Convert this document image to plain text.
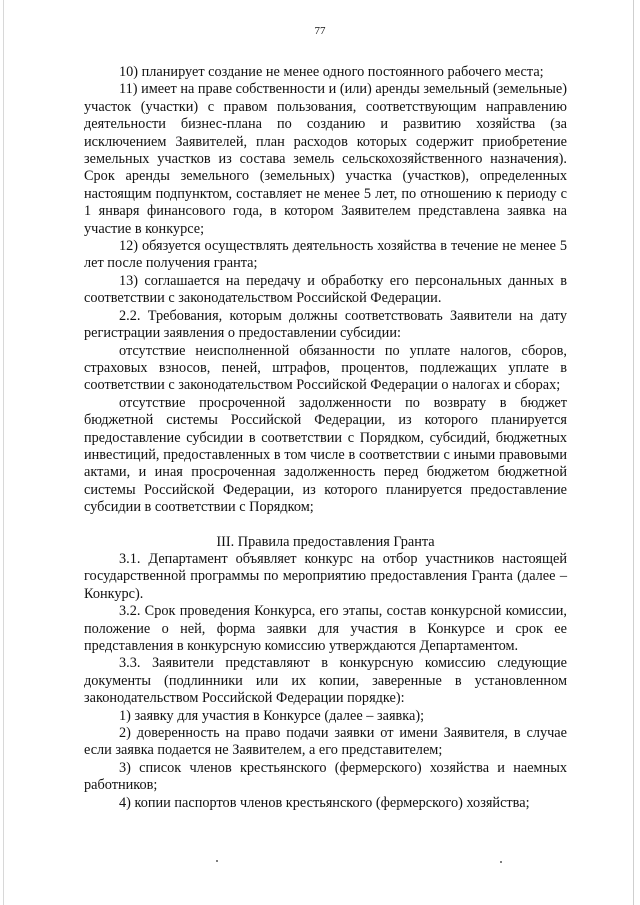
77

10) планирует создание не менее одного постоянного рабочего места;

11) имеет на праве собственности и (или) аренды земельный (земельные) участок (участки) с правом пользования, соответствующим направлению деятельности бизнес-плана по созданию и развитию хозяйства (за исключением Заявителей, план расходов которых содержит приобретение земельных участков из состава земель сельскохозяйственного назначения). Срок аренды земельного (земельных) участка (участков), определенных настоящим подпунктом, составляет не менее 5 лет, по отношению к периоду с 1 января финансового года, в котором Заявителем представлена заявка на участие в конкурсе;

12) обязуется осуществлять деятельность хозяйства в течение не менее 5 лет после получения гранта;

13) соглашается на передачу и обработку его персональных данных в соответствии с законодательством Российской Федерации.

2.2. Требования, которым должны соответствовать Заявители на дату регистрации заявления о предоставлении субсидии:

отсутствие неисполненной обязанности по уплате налогов, сборов, страховых взносов, пеней, штрафов, процентов, подлежащих уплате в соответствии с законодательством Российской Федерации о налогах и сборах;

отсутствие просроченной задолженности по возврату в бюджет бюджетной системы Российской Федерации, из которого планируется предоставление субсидии в соответствии с Порядком, субсидий, бюджетных инвестиций, предоставленных в том числе в соответствии с иными правовыми актами, и иная просроченная задолженность перед бюджетом бюджетной системы Российской Федерации, из которого планируется предоставление субсидии в соответствии с Порядком;

III. Правила предоставления Гранта

3.1. Департамент объявляет конкурс на отбор участников настоящей государственной программы по мероприятию предоставления Гранта (далее – Конкурс).

3.2. Срок проведения Конкурса, его этапы, состав конкурсной комиссии, положение о ней, форма заявки для участия в Конкурсе и срок ее представления в конкурсную комиссию утверждаются Департаментом.

3.3. Заявители представляют в конкурсную комиссию следующие документы (подлинники или их копии, заверенные в установленном законодательством Российской Федерации порядке):

1) заявку для участия в Конкурсе (далее – заявка);

2) доверенность на право подачи заявки от имени Заявителя, в случае если заявка подается не Заявителем, а его представителем;

3) список членов крестьянского (фермерского) хозяйства и наемных работников;

4) копии паспортов членов крестьянского (фермерского) хозяйства;
